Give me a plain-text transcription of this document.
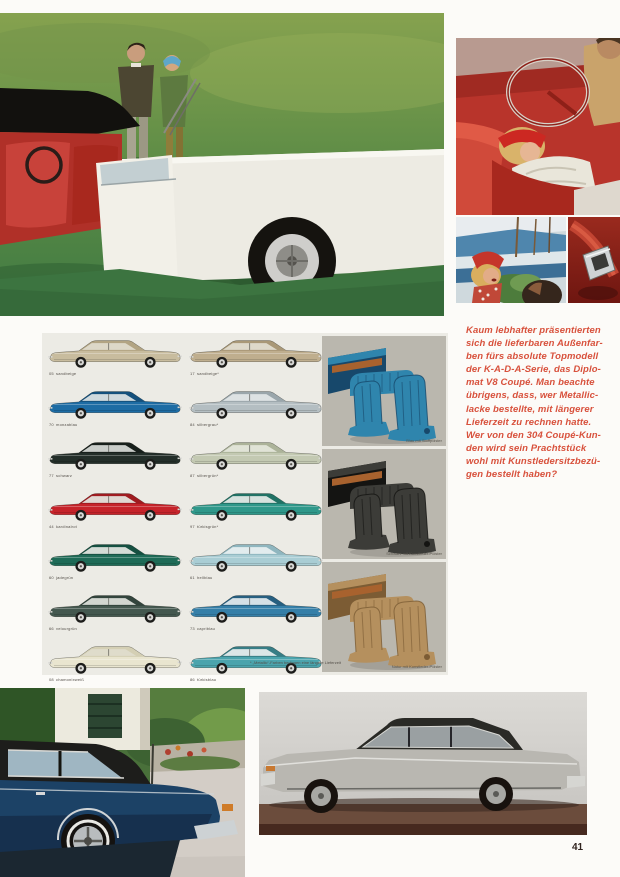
Kaum lebhafter präsentierten
sich die lieferbaren Außenfar-
ben fürs absolute Topmodell
der K-A-D-A-Serie, das Diplo-
mat V8 Coupé. Man beachte
übrigens, dass, wer Metallic-
lacke bestellte, mit längerer
Lieferzeit zu rechnen hatte.
Wer von den 304 Coupé-Kun-
den wird sein Prachtstück
wohl mit Kunstledersitzbezü-
gen bestellt haben?
05 sandbeige
70 monzablau
77 schwarz
44 kardinalrot
60 jadegrün
66 velourgrün
08 chamonixweiß
17 sandbeige*
84 silbergrau*
87 silbergrün*
97 türkisgrün*
61 hellblau
73 capriblau
86 türkisblau
Blau mit Stoffpolster
Schwarz mit Kunstleder-Polster
Natur mit Kunstleder-Polster
* „Metallic“-Farben bedingen eine längere Lieferzeit
41
